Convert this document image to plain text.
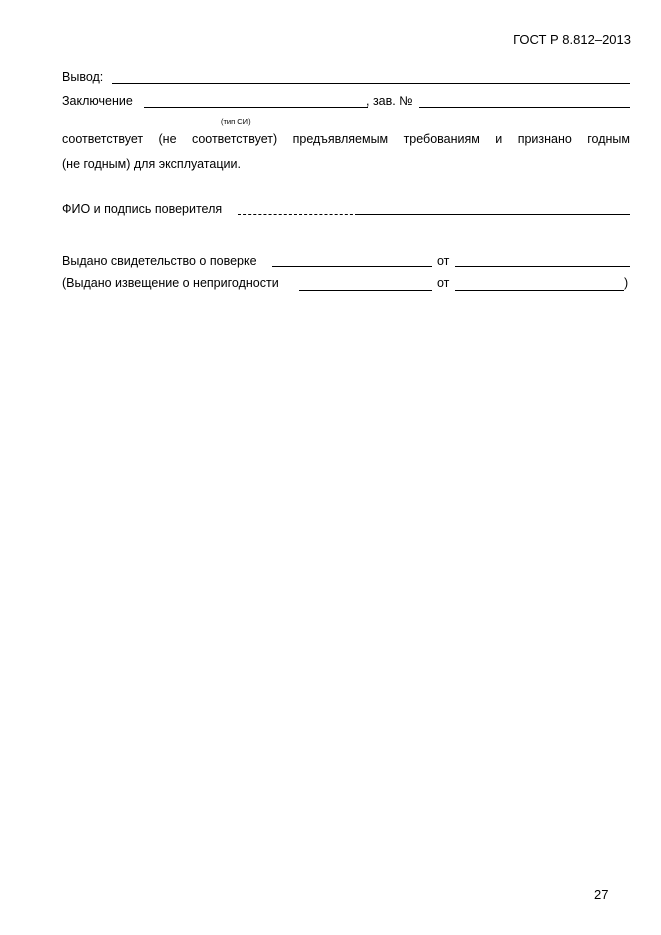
ГОСТ Р 8.812–2013
Вывод:
Заключение	, зав. №
(тип СИ)
соответствует (не соответствует) предъявляемым требованиям и признано годным
(не годным) для эксплуатации.
ФИО и подпись поверителя
Выдано свидетельство о поверке	от
(Выдано извещение о непригодности	от	)
27
